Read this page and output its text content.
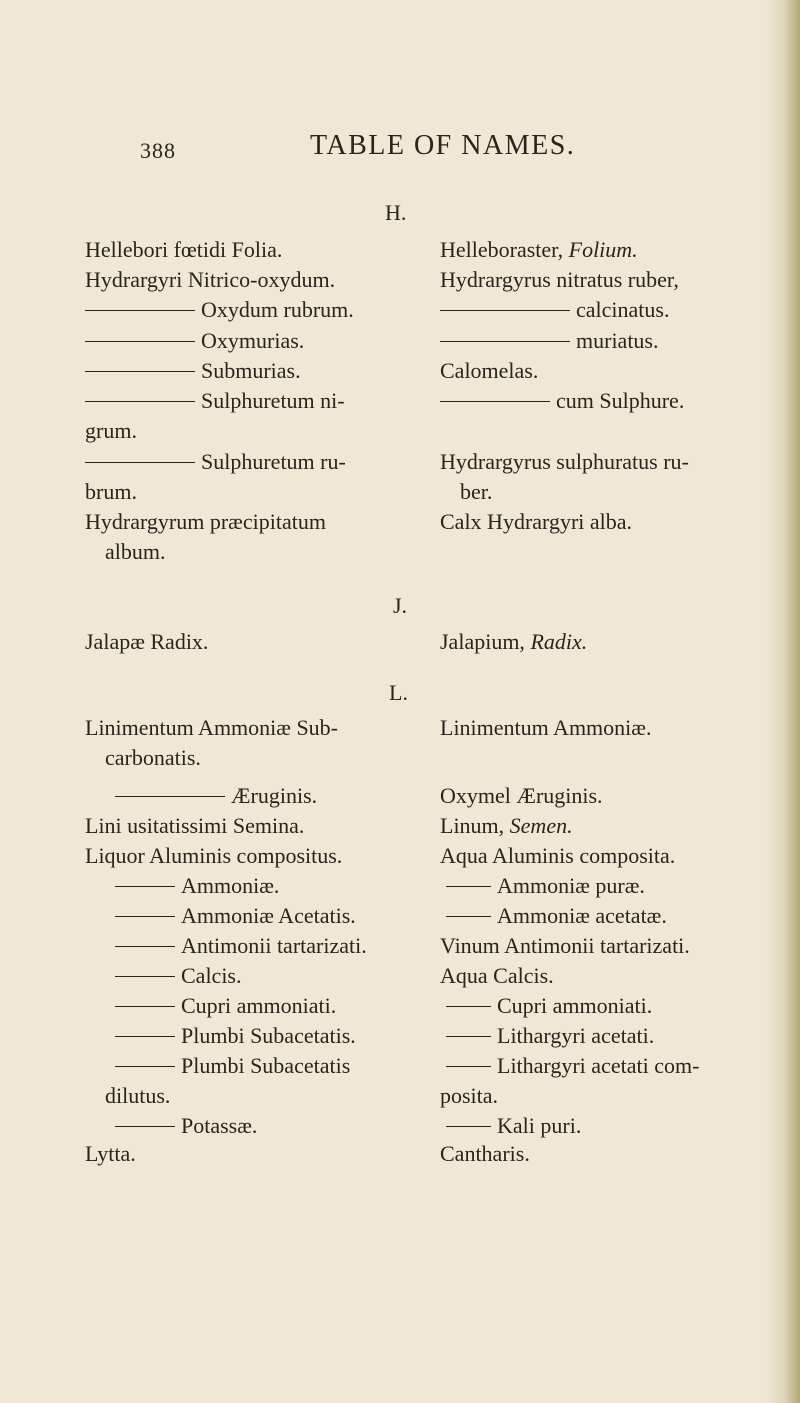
388	TABLE OF NAMES.
H.
Hellebori fœtidi Folia.
Hydrargyri Nitrico-oxydum.
Oxydum rubrum.
Oxymurias.
Submurias.
Sulphuretum ni-
grum.
Sulphuretum ru-
brum.
Hydrargyrum præcipitatum
album.
Helleboraster, Folium.
Hydrargyrus nitratus ruber,
calcinatus.
muriatus.
Calomelas.
cum Sulphure.
Hydrargyrus sulphuratus ru-
ber.
Calx Hydrargyri alba.
J.
Jalapæ Radix.	Jalapium, Radix.
L.
Linimentum Ammoniæ Sub-
carbonatis.
Æruginis.
Lini usitatissimi Semina.
Liquor Aluminis compositus.
Ammoniæ.
Ammoniæ Acetatis.
Antimonii tartarizati.
Calcis.
Cupri ammoniati.
Plumbi Subacetatis.
Plumbi Subacetatis
dilutus.
Potassæ.
Lytta.
Linimentum Ammoniæ.
Oxymel Æruginis.
Linum, Semen.
Aqua Aluminis composita.
Ammoniæ puræ.
Ammoniæ acetatæ.
Vinum Antimonii tartarizati.
Aqua Calcis.
Cupri ammoniati.
Lithargyri acetati.
Lithargyri acetati com-
posita.
Kali puri.
Cantharis.
